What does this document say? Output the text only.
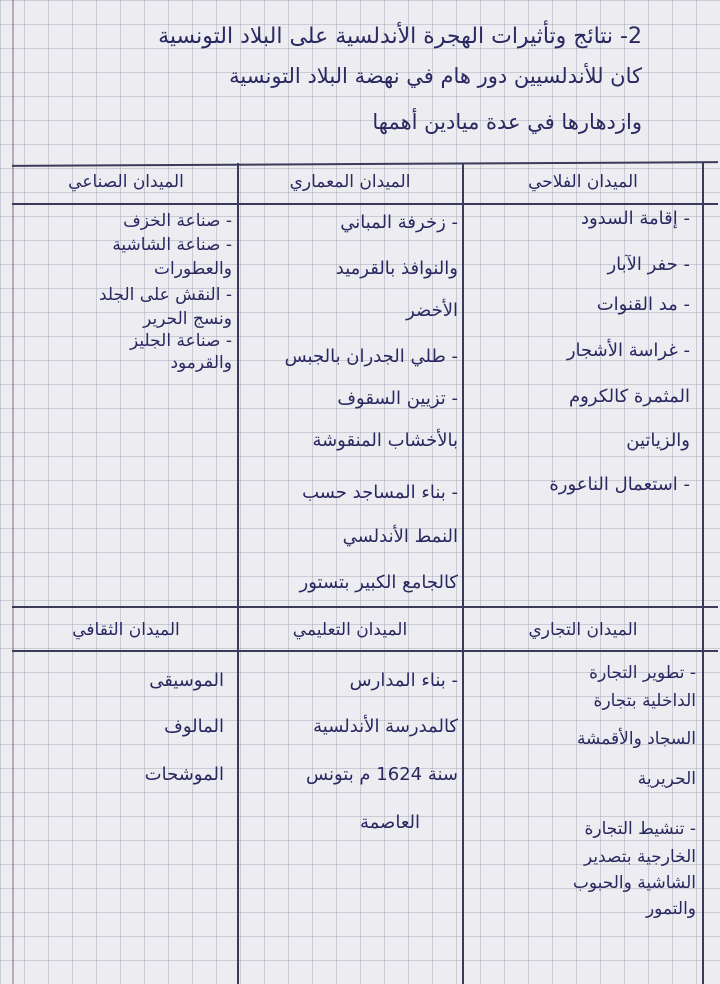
2- نتائج وتأثيرات الهجرة الأندلسية على البلاد التونسية
كان للأندلسيين دور هام في نهضة البلاد التونسية
وازدهارها في عدة ميادين أهمها
الميدان الفلاحي
الميدان المعماري
الميدان الصناعي
- إقامة السدود
- حفر الآبار
- مد القنوات
- غراسة الأشجار
المثمرة كالكروم
والزياتين
- استعمال الناعورة
- زخرفة المباني
والنوافذ بالقرميد
الأخضر
- طلي الجدران بالجبس
- تزيين السقوف
بالأخشاب المنقوشة
- بناء المساجد حسب
النمط الأندلسي
كالجامع الكبير بتستور
- صناعة الخزف
- صناعة الشاشية
والعطورات
- النقش على الجلد
ونسج الحرير
- صناعة الجليز
والقرمود
الميدان التجاري
الميدان التعليمي
الميدان الثقافي
- تطوير التجارة
الداخلية بتجارة
السجاد والأقمشة
الحريرية
- تنشيط التجارة
الخارجية بتصدير
الشاشية والحبوب
والتمور
- بناء المدارس
كالمدرسة الأندلسية
سنة 1624 م بتونس
العاصمة
الموسيقى
المالوف
الموشحات
